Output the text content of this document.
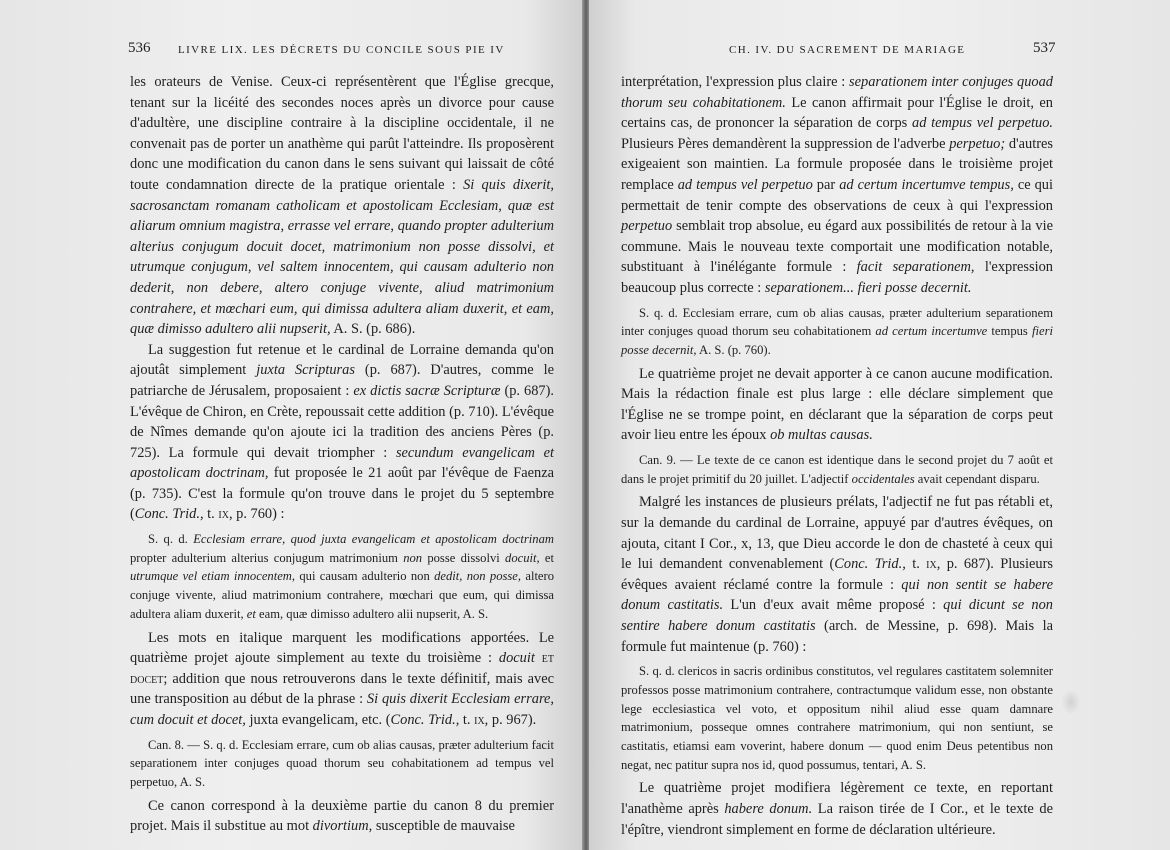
536	LIVRE LIX. LES DÉCRETS DU CONCILE SOUS PIE IV

les orateurs de Venise. Ceux-ci représentèrent que l'Église grecque, tenant sur la licéité des secondes noces après un divorce pour cause d'adultère, une discipline contraire à la discipline occidentale, il ne convenait pas de porter un anathème qui parût l'atteindre. Ils proposèrent donc une modification du canon dans le sens suivant qui laissait de côté toute condamnation directe de la pratique orientale : Si quis dixerit, sacrosanctam romanam catholicam et apostolicam Ecclesiam, quæ est aliarum omnium magistra, errasse vel errare, quando propter adulterium alterius conjugum docuit docet, matrimonium non posse dissolvi, et utrumque conjugum, vel saltem innocentem, qui causam adulterio non dederit, non debere, altero conjuge vivente, aliud matrimonium contrahere, et mœchari eum, qui dimissa adultera aliam duxerit, et eam, quæ dimisso adultero alii nupserit, A. S. (p. 686).

La suggestion fut retenue et le cardinal de Lorraine demanda qu'on ajoutât simplement juxta Scripturas (p. 687). D'autres, comme le patriarche de Jérusalem, proposaient : ex dictis sacræ Scripturæ (p. 687). L'évêque de Chiron, en Crète, repoussait cette addition (p. 710). L'évêque de Nîmes demande qu'on ajoute ici la tradition des anciens Pères (p. 725). La formule qui devait triompher : secundum evangelicam et apostolicam doctrinam, fut proposée le 21 août par l'évêque de Faenza (p. 735). C'est la formule qu'on trouve dans le projet du 5 septembre (Conc. Trid., t. ix, p. 760) :

S. q. d. Ecclesiam errare, quod juxta evangelicam et apostolicam doctrinam propter adulterium alterius conjugum matrimonium non posse dissolvi docuit, et utrumque vel etiam innocentem, qui causam adulterio non dedit, non posse, altero conjuge vivente, aliud matrimonium contrahere, mœchari que eum, qui dimissa adultera aliam duxerit, et eam, quæ dimisso adultero alii nupserit, A. S.

Les mots en italique marquent les modifications apportées. Le quatrième projet ajoute simplement au texte du troisième : docuit et docet; addition que nous retrouverons dans le texte définitif, mais avec une transposition au début de la phrase : Si quis dixerit Ecclesiam errare, cum docuit et docet, juxta evangelicam, etc. (Conc. Trid., t. ix, p. 967).

Can. 8. — S. q. d. Ecclesiam errare, cum ob alias causas, præter adulterium facit separationem inter conjuges quoad thorum seu cohabitationem ad tempus vel perpetuo, A. S.

Ce canon correspond à la deuxième partie du canon 8 du premier projet. Mais il substitue au mot divortium, susceptible de mauvaise

CH. IV. DU SACREMENT DE MARIAGE	537

interprétation, l'expression plus claire : separationem inter conjuges quoad thorum seu cohabitationem. Le canon affirmait pour l'Église le droit, en certains cas, de prononcer la séparation de corps ad tempus vel perpetuo. Plusieurs Pères demandèrent la suppression de l'adverbe perpetuo; d'autres exigeaient son maintien. La formule proposée dans le troisième projet remplace ad tempus vel perpetuo par ad certum incertumve tempus, ce qui permettait de tenir compte des observations de ceux à qui l'expression perpetuo semblait trop absolue, eu égard aux possibilités de retour à la vie commune. Mais le nouveau texte comportait une modification notable, substituant à l'inélégante formule : facit separationem, l'expression beaucoup plus correcte : separationem... fieri posse decernit.

S. q. d. Ecclesiam errare, cum ob alias causas, præter adulterium separationem inter conjuges quoad thorum seu cohabitationem ad certum incertumve tempus fieri posse decernit, A. S. (p. 760).

Le quatrième projet ne devait apporter à ce canon aucune modification. Mais la rédaction finale est plus large : elle déclare simplement que l'Église ne se trompe point, en déclarant que la séparation de corps peut avoir lieu entre les époux ob multas causas.

Can. 9. — Le texte de ce canon est identique dans le second projet du 7 août et dans le projet primitif du 20 juillet. L'adjectif occidentales avait cependant disparu.

Malgré les instances de plusieurs prélats, l'adjectif ne fut pas rétabli et, sur la demande du cardinal de Lorraine, appuyé par d'autres évêques, on ajouta, citant I Cor., x, 13, que Dieu accorde le don de chasteté à ceux qui le lui demandent convenablement (Conc. Trid., t. ix, p. 687). Plusieurs évêques avaient réclamé contre la formule : qui non sentit se habere donum castitatis. L'un d'eux avait même proposé : qui dicunt se non sentire habere donum castitatis (arch. de Messine, p. 698). Mais la formule fut maintenue (p. 760) :

S. q. d. clericos in sacris ordinibus constitutos, vel regulares castitatem solemniter professos posse matrimonium contrahere, contractumque validum esse, non obstante lege ecclesiastica vel voto, et oppositum nihil aliud esse quam damnare matrimonium, posseque omnes contrahere matrimonium, qui non sentiunt, se castitatis, etiamsi eam voverint, habere donum — quod enim Deus petentibus non negat, nec patitur supra nos id, quod possumus, tentari, A. S.

Le quatrième projet modifiera légèrement ce texte, en reportant l'anathème après habere donum. La raison tirée de I Cor., et le texte de l'épître, viendront simplement en forme de déclaration ultérieure.
